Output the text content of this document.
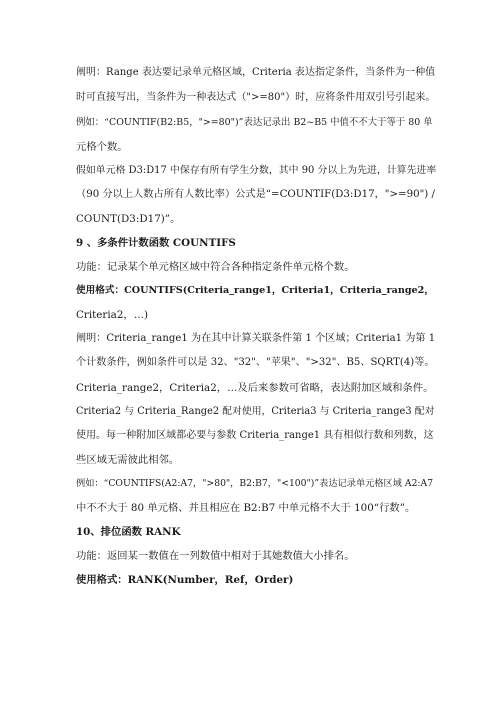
阐明：Range 表达要记录单元格区域，Criteria 表达指定条件，当条件为一种值
时可直接写出，当条件为一种表达式（">=80"）时，应将条件用双引号引起来。
例如：“COUNTIF(B2:B5，">=80")”表达记录出 B2~B5 中值不不大于等于 80 单
元格个数。
假如单元格 D3:D17 中保存有所有学生分数，其中 90 分以上为先进，计算先进率
（90 分以上人数占所有人数比率）公式是“=COUNTIF(D3:D17，">=90") /
COUNT(D3:D17)”。
9 、多条件计数函数 COUNTIFS
功能：记录某个单元格区域中符合各种指定条件单元格个数。
使用格式：COUNTIFS(Criteria_range1，Criteria1，Criteria_range2，
Criteria2，…)
阐明：Criteria_range1 为在其中计算关联条件第 1 个区域；Criteria1 为第 1
个计数条件，例如条件可以是 32、"32"、"苹果"、">32"、B5、SQRT(4)等。
Criteria_range2，Criteria2，…及后来参数可省略，表达附加区域和条件。
Criteria2 与 Criteria_Range2 配对使用，Criteria3 与 Criteria_range3 配对
使用。每一种附加区域都必要与参数 Criteria_range1 具有相似行数和列数，这
些区域无需彼此相邻。
例如：“COUNTIFS(A2:A7，">80"，B2:B7，"<100")”表达记录单元格区域 A2:A7
中不不大于 80 单元格、并且相应在 B2:B7 中单元格不大于 100“行数”。
10、排位函数 RANK
功能：返回某一数值在一列数值中相对于其她数值大小排名。
使用格式：RANK(Number，Ref，Order)
